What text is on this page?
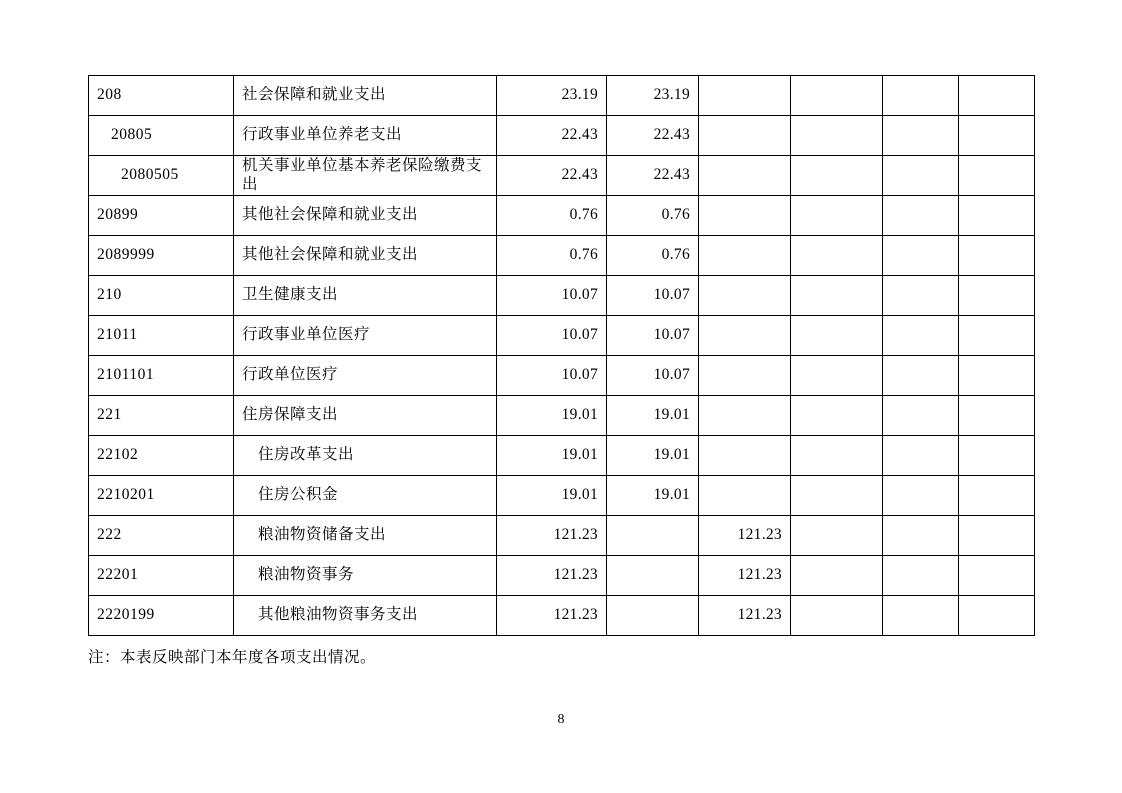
208	社会保障和就业支出	23.19	23.19				
20805	行政事业单位养老支出	22.43	22.43				
2080505	机关事业单位基本养老保险缴费支出	22.43	22.43				
20899	其他社会保障和就业支出	0.76	0.76				
2089999	其他社会保障和就业支出	0.76	0.76				
210	卫生健康支出	10.07	10.07				
21011	行政事业单位医疗	10.07	10.07				
2101101	行政单位医疗	10.07	10.07				
221	住房保障支出	19.01	19.01				
22102	住房改革支出	19.01	19.01				
2210201	住房公积金	19.01	19.01				
222	粮油物资储备支出	121.23		121.23			
22201	粮油物资事务	121.23		121.23			
2220199	其他粮油物资事务支出	121.23		121.23			
注：本表反映部门本年度各项支出情况。
8
